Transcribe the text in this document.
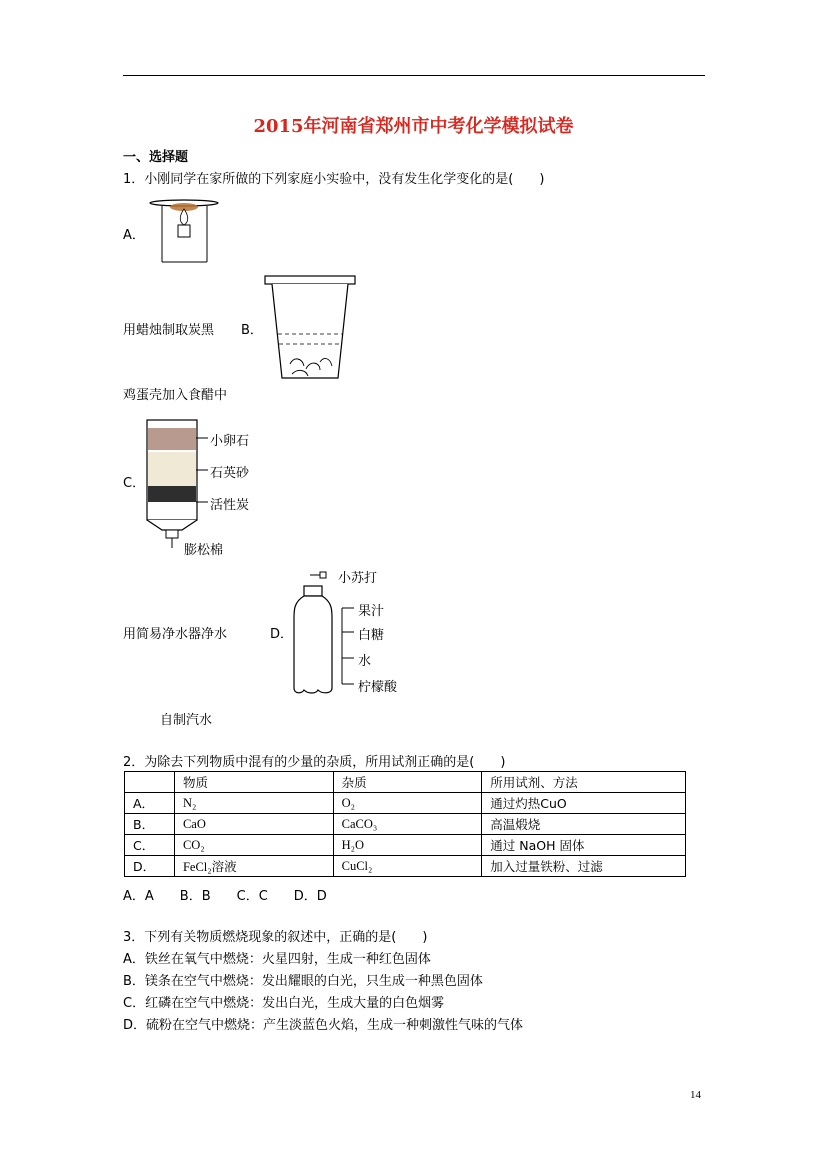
2015年河南省郑州市中考化学模拟试卷
一、选择题
1．小刚同学在家所做的下列家庭小实验中，没有发生化学变化的是(　　)
A．
用蜡烛制取炭黑 B．
鸡蛋壳加入食醋中
C．
小卵石
石英砂
活性炭
膨松棉
用简易净水器净水	D．
小苏打
果汁
白糖
水
柠檬酸
自制汽水
2．为除去下列物质中混有的少量的杂质，所用试剂正确的是(　　)
	物质	杂质	所用试剂、方法
A．	N₂	O₂	通过灼热CuO
B．	CaO	CaCO₃	高温煅烧
C．	CO₂	H₂O	通过 NaOH 固体
D．	FeCl₂溶液	CuCl₂	加入过量铁粉、过滤
A．A　　B．B　　C．C　　D．D
3．下列有关物质燃烧现象的叙述中，正确的是(　　)
A．铁丝在氧气中燃烧：火星四射，生成一种红色固体
B．镁条在空气中燃烧：发出耀眼的白光，只生成一种黑色固体
C．红磷在空气中燃烧：发出白光，生成大量的白色烟雾
D．硫粉在空气中燃烧：产生淡蓝色火焰，生成一种刺激性气味的气体
14
